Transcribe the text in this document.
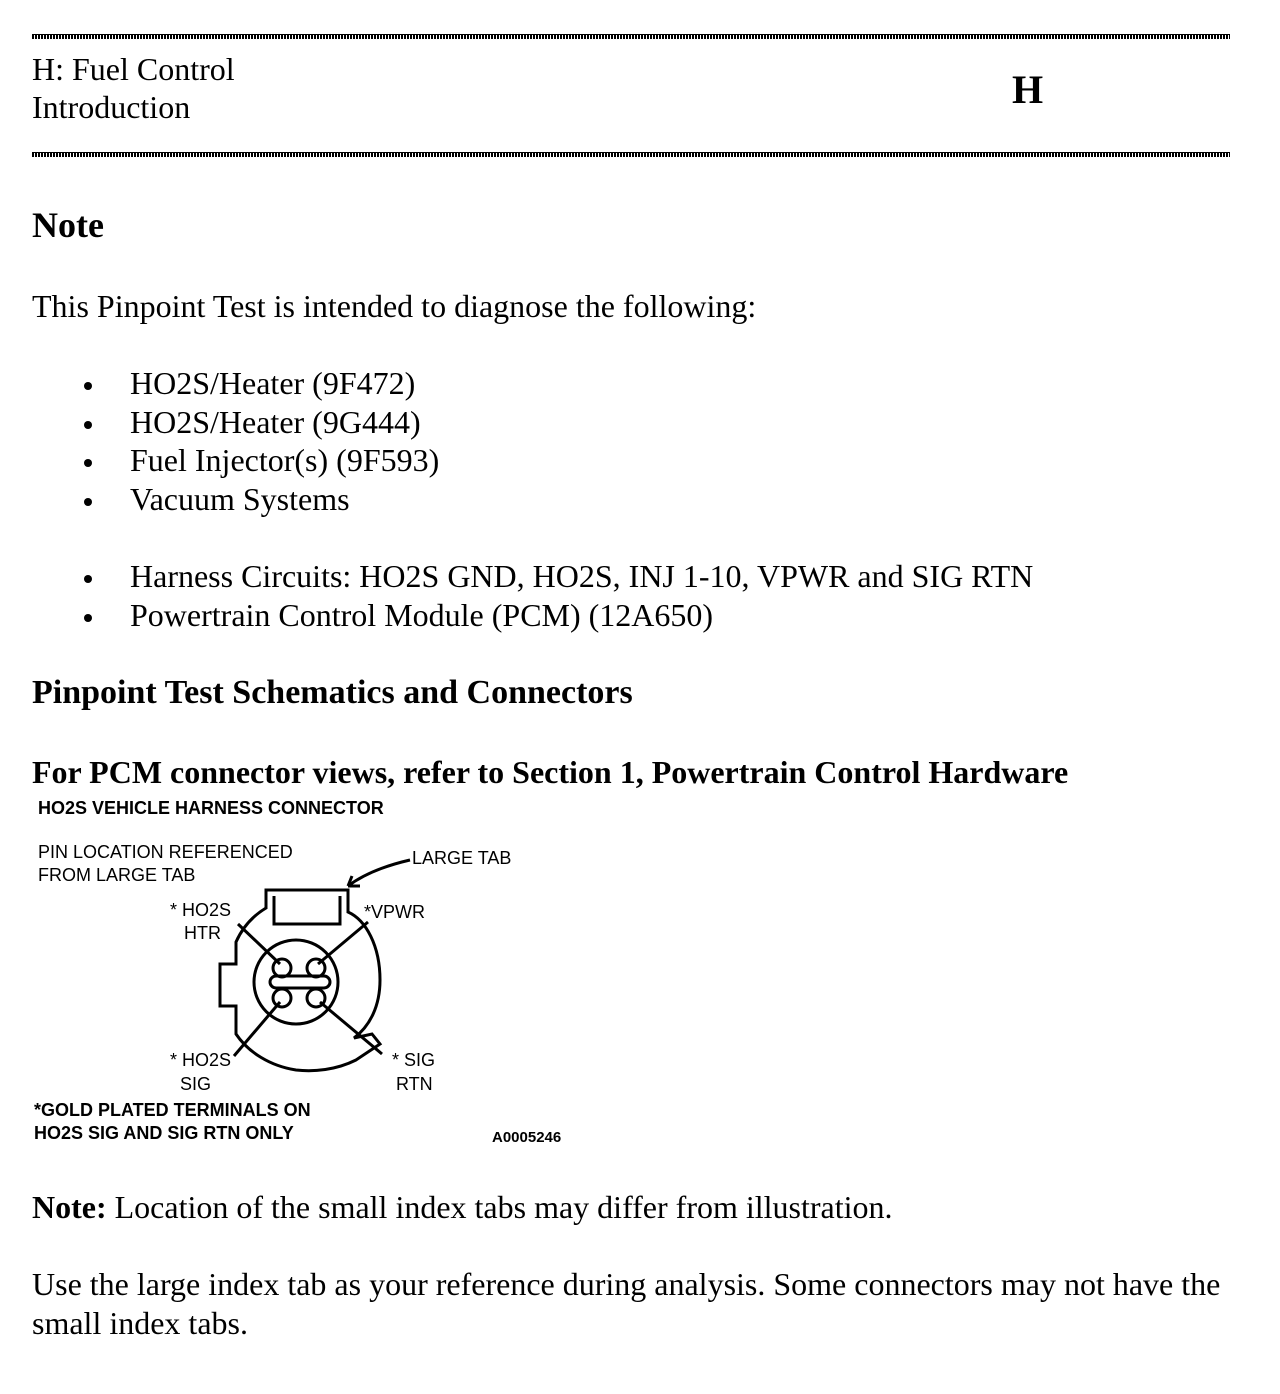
H: Fuel Control
Introduction	H
Note

This Pinpoint Test is intended to diagnose the following:

HO2S/Heater (9F472)
HO2S/Heater (9G444)
Fuel Injector(s) (9F593)
Vacuum Systems
Harness Circuits: HO2S GND, HO2S, INJ 1-10, VPWR and SIG RTN
Powertrain Control Module (PCM) (12A650)
Pinpoint Test Schematics and Connectors
For PCM connector views, refer to Section 1, Powertrain Control Hardware
HO2S VEHICLE HARNESS CONNECTOR
PIN LOCATION REFERENCED
FROM LARGE TAB
LARGE TAB
* HO2S
HTR
*VPWR
* HO2S
SIG
* SIG
RTN
*GOLD PLATED TERMINALS ON
HO2S SIG AND SIG RTN ONLY	A0005246

Note: Location of the small index tabs may differ from illustration.

Use the large index tab as your reference during analysis. Some connectors may not have the small index tabs.
